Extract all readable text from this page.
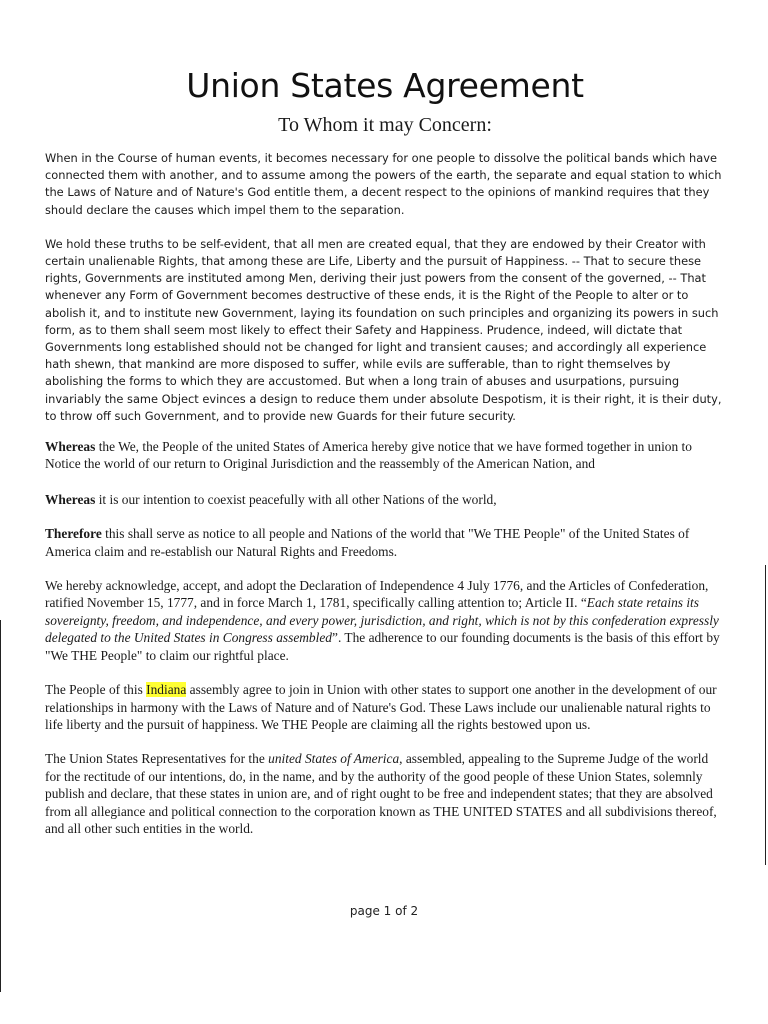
Union States Agreement

To Whom it may Concern:

When in the Course of human events, it becomes necessary for one people to dissolve the political bands which have connected them with another, and to assume among the powers of the earth, the separate and equal station to which the Laws of Nature and of Nature's God entitle them, a decent respect to the opinions of mankind requires that they should declare the causes which impel them to the separation.

We hold these truths to be self-evident, that all men are created equal, that they are endowed by their Creator with certain unalienable Rights, that among these are Life, Liberty and the pursuit of Happiness. -- That to secure these rights, Governments are instituted among Men, deriving their just powers from the consent of the governed, -- That whenever any Form of Government becomes destructive of these ends, it is the Right of the People to alter or to abolish it, and to institute new Government, laying its foundation on such principles and organizing its powers in such form, as to them shall seem most likely to effect their Safety and Happiness. Prudence, indeed, will dictate that Governments long established should not be changed for light and transient causes; and accordingly all experience hath shewn, that mankind are more disposed to suffer, while evils are sufferable, than to right themselves by abolishing the forms to which they are accustomed. But when a long train of abuses and usurpations, pursuing invariably the same Object evinces a design to reduce them under absolute Despotism, it is their right, it is their duty, to throw off such Government, and to provide new Guards for their future security.

Whereas the We, the People of the united States of America hereby give notice that we have formed together in union to Notice the world of our return to Original Jurisdiction and the reassembly of the American Nation, and

Whereas it is our intention to coexist peacefully with all other Nations of the world,

Therefore this shall serve as notice to all people and Nations of the world that "We THE People" of the United States of America claim and re-establish our Natural Rights and Freedoms.

We hereby acknowledge, accept, and adopt the Declaration of Independence 4 July 1776, and the Articles of Confederation, ratified November 15, 1777, and in force March 1, 1781, specifically calling attention to; Article II. “Each state retains its sovereignty, freedom, and independence, and every power, jurisdiction, and right, which is not by this confederation expressly delegated to the United States in Congress assembled”. The adherence to our founding documents is the basis of this effort by "We THE People" to claim our rightful place.

The People of this Indiana assembly agree to join in Union with other states to support one another in the development of our relationships in harmony with the Laws of Nature and of Nature's God. These Laws include our unalienable natural rights to life liberty and the pursuit of happiness. We THE People are claiming all the rights bestowed upon us.

The Union States Representatives for the united States of America, assembled, appealing to the Supreme Judge of the world for the rectitude of our intentions, do, in the name, and by the authority of the good people of these Union States, solemnly publish and declare, that these states in union are, and of right ought to be free and independent states; that they are absolved from all allegiance and political connection to the corporation known as THE UNITED STATES and all subdivisions thereof, and all other such entities in the world.

page 1 of 2
